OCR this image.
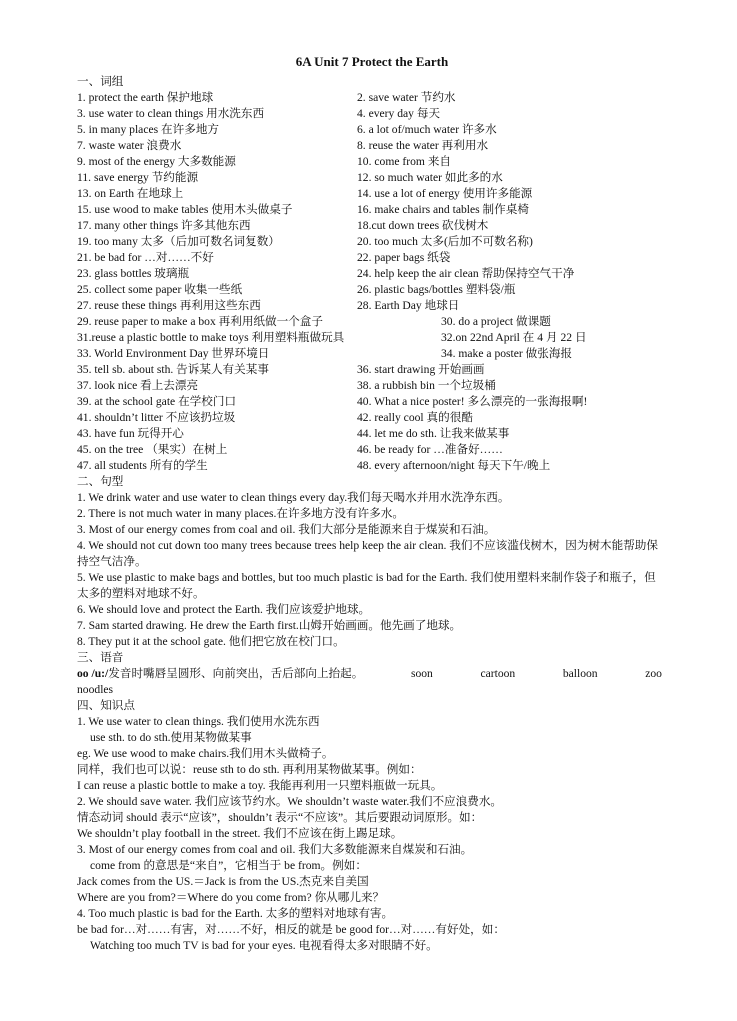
6A Unit 7 Protect the Earth

一、词组

1. protect the earth 保护地球	2. save water 节约水
3. use water to clean things 用水洗东西	4. every day 每天
5. in many places 在许多地方	6. a lot of/much water 许多水
7. waste water 浪费水	8. reuse the water 再利用水
9. most of the energy 大多数能源	10. come from 来自
11. save energy 节约能源	12. so much water 如此多的水
13. on Earth 在地球上	14. use a lot of energy 使用许多能源
15. use wood to make tables 使用木头做桌子	16. make chairs and tables 制作桌椅
17. many other things 许多其他东西	18.cut down trees 砍伐树木
19. too many 太多（后加可数名词复数）	20. too much 太多(后加不可数名称)
21. be bad for …对……不好	22. paper bags 纸袋
23. glass bottles 玻璃瓶	24. help keep the air clean 帮助保持空气干净
25. collect some paper 收集一些纸	26. plastic bags/bottles 塑料袋/瓶
27. reuse these things 再利用这些东西	28. Earth Day 地球日
29. reuse paper to make a box 再利用纸做一个盒子	30. do a project 做课题
31.reuse a plastic bottle to make toys 利用塑料瓶做玩具	32.on 22nd April 在 4 月 22 日
33. World Environment Day 世界环境日	34. make a poster 做张海报
35. tell sb. about sth. 告诉某人有关某事	36. start drawing 开始画画
37. look nice 看上去漂亮	38. a rubbish bin 一个垃圾桶
39. at the school gate 在学校门口	40. What a nice poster! 多么漂亮的一张海报啊!
41. shouldn’t litter 不应该扔垃圾	42. really cool 真的很酷
43. have fun 玩得开心	44. let me do sth. 让我来做某事
45. on the tree （果实）在树上	46. be ready for …准备好……
47. all students 所有的学生	48. every afternoon/night 每天下午/晚上

二、句型

1. We drink water and use water to clean things every day.我们每天喝水并用水洗净东西。

2. There is not much water in many places.在许多地方没有许多水。

3. Most of our energy comes from coal and oil. 我们大部分是能源来自于煤炭和石油。

4. We should not cut down too many trees because trees help keep the air clean. 我们不应该滥伐树木，因为树木能帮助保持空气洁净。

5. We use plastic to make bags and bottles, but too much plastic is bad for the Earth. 我们使用塑料来制作袋子和瓶子，但太多的塑料对地球不好。

6. We should love and protect the Earth. 我们应该爱护地球。

7. Sam started drawing. He drew the Earth first.山姆开始画画。他先画了地球。

8. They put it at the school gate. 他们把它放在校门口。

三、语音

oo /u:/发音时嘴唇呈圆形、向前突出，舌后部向上抬起。	soon	cartoon	balloon	zoo

noodles

四、知识点

1. We use water to clean things. 我们使用水洗东西

use sth. to do sth.使用某物做某事

eg. We use wood to make chairs.我们用木头做椅子。

同样，我们也可以说：reuse sth to do sth. 再利用某物做某事。例如：

I can reuse a plastic bottle to make a toy. 我能再利用一只塑料瓶做一玩具。

2. We should save water. 我们应该节约水。We shouldn’t waste water.我们不应浪费水。

情态动词 should 表示“应该”，shouldn’t 表示“不应该”。其后要跟动词原形。如：

We shouldn’t play football in the street. 我们不应该在街上踢足球。

3. Most of our energy comes from coal and oil. 我们大多数能源来自煤炭和石油。

come from 的意思是“来自”，它相当于 be from。例如：

Jack comes from the US.＝Jack is from the US.杰克来自美国

Where are you from?＝Where do you come from? 你从哪儿来？

4. Too much plastic is bad for the Earth. 太多的塑料对地球有害。

be bad for…对……有害，对……不好，相反的就是 be good for…对……有好处，如：

Watching too much TV is bad for your eyes. 电视看得太多对眼睛不好。
